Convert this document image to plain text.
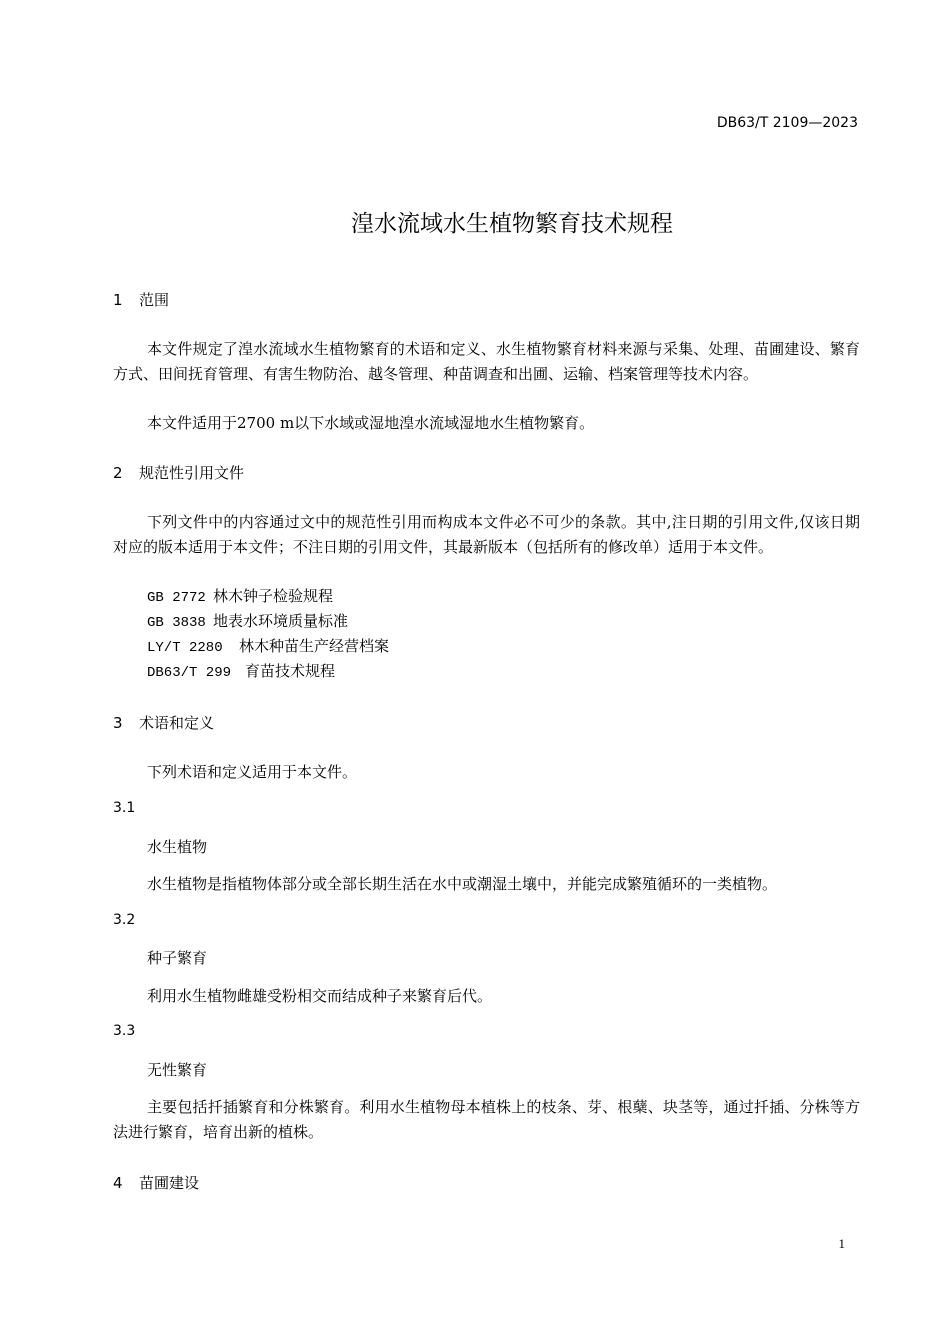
DB63/T 2109—2023
湟水流域水生植物繁育技术规程
1 范围

本文件规定了湟水流域水生植物繁育的术语和定义、水生植物繁育材料来源与采集、处理、苗圃建设、繁育方式、田间抚育管理、有害生物防治、越冬管理、种苗调查和出圃、运输、档案管理等技术内容。

本文件适用于2700 m以下水域或湿地湟水流域湿地水生植物繁育。

2 规范性引用文件

下列文件中的内容通过文中的规范性引用而构成本文件必不可少的条款。其中,注日期的引用文件,仅该日期对应的版本适用于本文件；不注日期的引用文件，其最新版本（包括所有的修改单）适用于本文件。

GB 2772 林木钟子检验规程
GB 3838 地表水环境质量标准
LY/T 2280 林木种苗生产经营档案
DB63/T 299 育苗技术规程
3 术语和定义
下列术语和定义适用于本文件。
3.1
水生植物
水生植物是指植物体部分或全部长期生活在水中或潮湿土壤中，并能完成繁殖循环的一类植物。
3.2
种子繁育
利用水生植物雌雄受粉相交而结成种子来繁育后代。
3.3
无性繁育

主要包括扦插繁育和分株繁育。利用水生植物母本植株上的枝条、芽、根蘖、块茎等，通过扦插、分株等方法进行繁育，培育出新的植株。

4 苗圃建设
1
